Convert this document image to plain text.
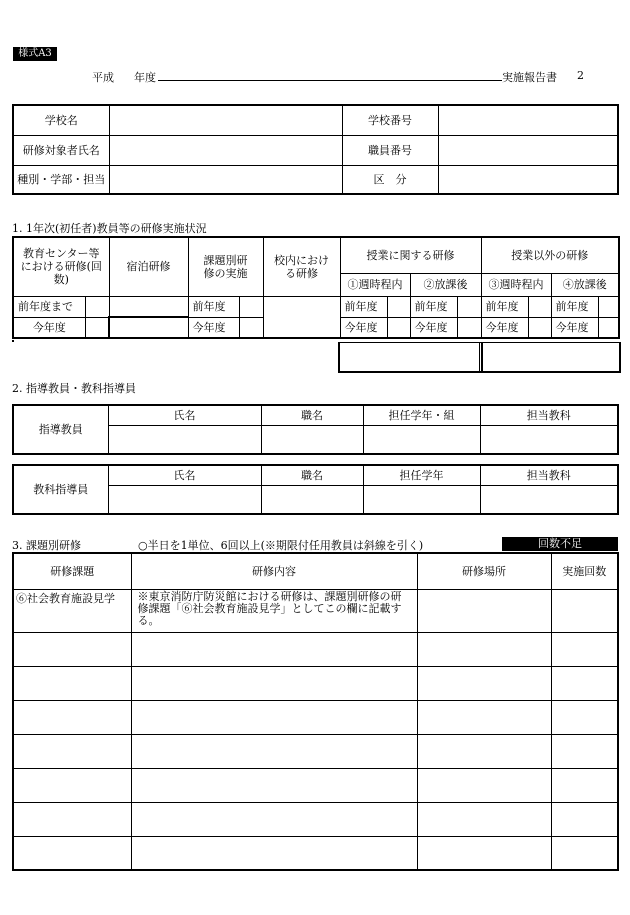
様式A3
平成 年度	実施報告書 2
学校名		学校番号	
研修対象者氏名		職員番号	
種別・学部・担当		区　分	
1. 1年次(初任者)教員等の研修実施状況
教育センター等における研修(回数)		宿泊研修	課題別研修の実施		校内における研修	授業に関する研修				授業以外の研修			
						①週時程内		②放課後		③週時程内		④放課後	
前年度まで			前年度			前年度		前年度		前年度		前年度	
今年度			今年度			今年度		今年度		今年度		今年度	
2. 指導教員・教科指導員
指導教員	氏名	職名	担任学年・組	担当教科

教科指導員	氏名	職名	担任学年	担当教科

3. 課題別研修	○半日を1単位、6回以上(※期限付任用教員は斜線を引く)	回数不足
研修課題	研修内容	研修場所	実施回数
⑥社会教育施設見学	※東京消防庁防災館における研修は、課題別研修の研修課題「⑥社会教育施設見学」としてこの欄に記載する。		
